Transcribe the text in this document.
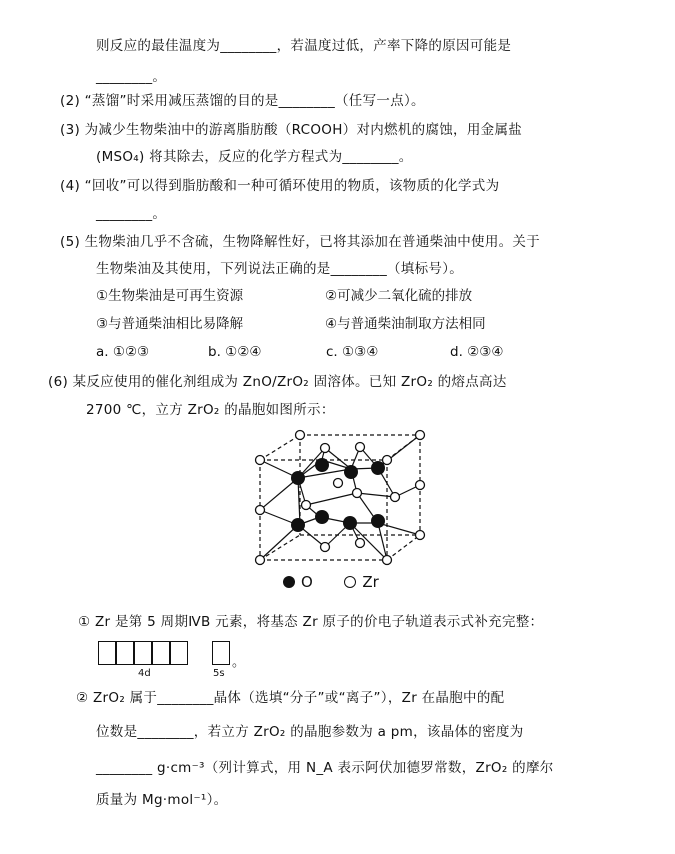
则反应的最佳温度为________，若温度过低，产率下降的原因可能是
________。
(2) “蒸馏”时采用减压蒸馏的目的是________（任写一点）。
(3) 为减少生物柴油中的游离脂肪酸（RCOOH）对内燃机的腐蚀，用金属盐
(MSO₄) 将其除去，反应的化学方程式为________。
(4) “回收”可以得到脂肪酸和一种可循环使用的物质，该物质的化学式为
________。
(5) 生物柴油几乎不含硫，生物降解性好，已将其添加在普通柴油中使用。关于
生物柴油及其使用，下列说法正确的是________（填标号）。
①生物柴油是可再生资源	②可减少二氧化硫的排放
③与普通柴油相比易降解	④与普通柴油制取方法相同
a. ①②③	b. ①②④	c. ①③④	d. ②③④
(6) 某反应使用的催化剂组成为 ZnO/ZrO₂ 固溶体。已知 ZrO₂ 的熔点高达
2700 ℃，立方 ZrO₂ 的晶胞如图所示：
O	Zr
① Zr 是第 5 周期ⅣB 元素，将基态 Zr 原子的价电子轨道表示式补充完整：
4d	5s
。
② ZrO₂ 属于________晶体（选填“分子”或“离子”），Zr 在晶胞中的配
位数是________，若立方 ZrO₂ 的晶胞参数为 a pm，该晶体的密度为
________ g·cm⁻³（列计算式，用 N_A 表示阿伏加德罗常数，ZrO₂ 的摩尔
质量为 Mg·mol⁻¹）。
